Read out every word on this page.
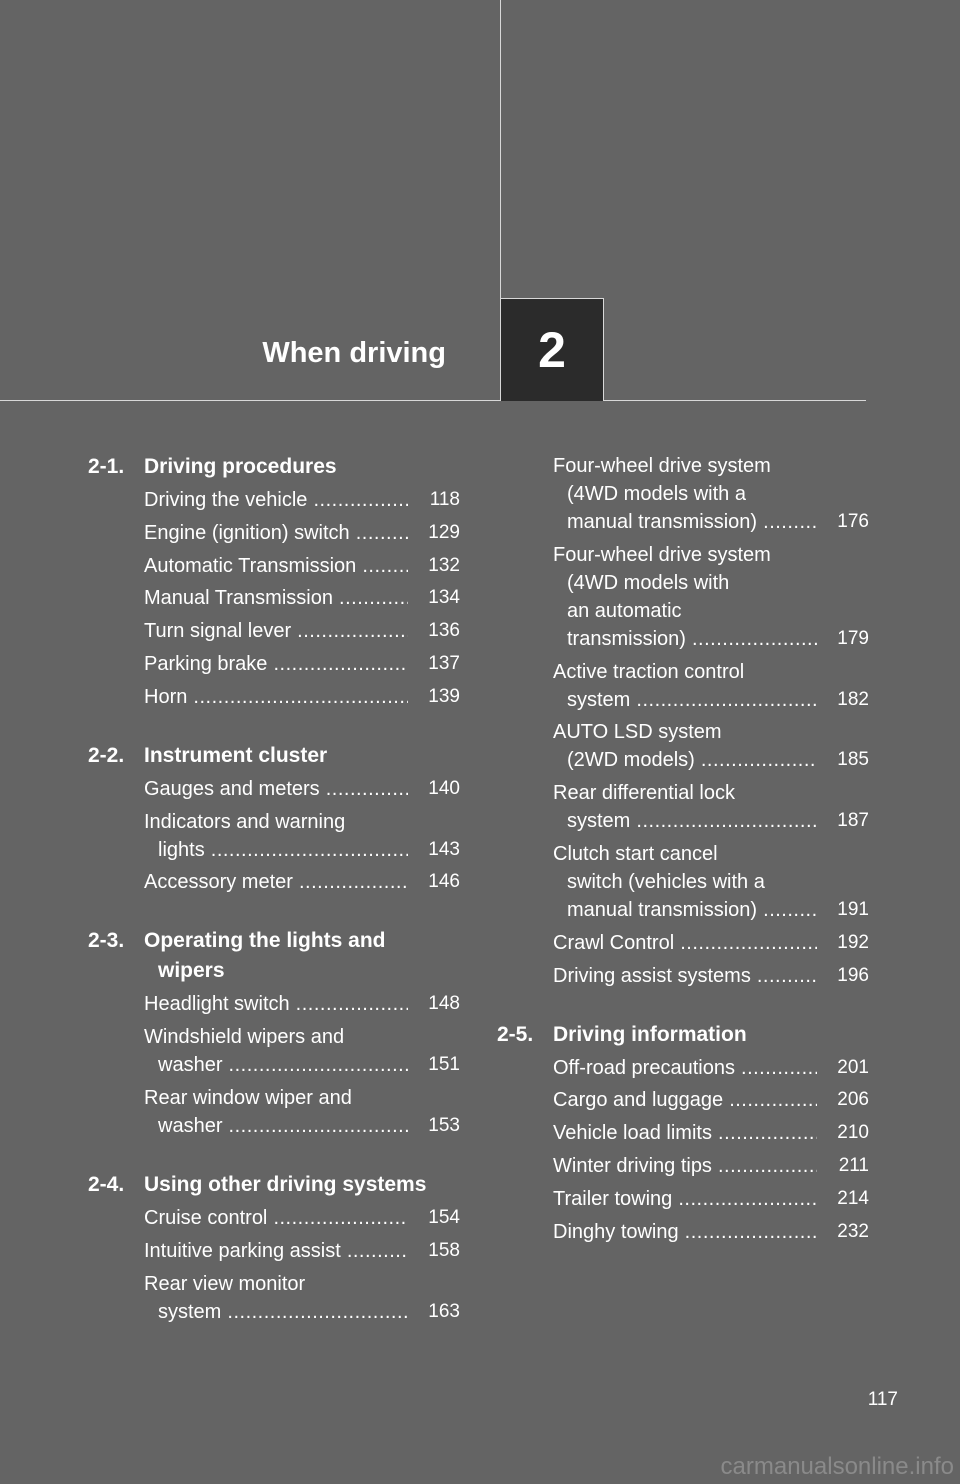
When driving 2
2-1. Driving procedures
Driving the vehicle .....	118
Engine (ignition) switch .....	129
Automatic Transmission .....	132
Manual Transmission .....	134
Turn signal lever .....	136
Parking brake .....	137
Horn .....	139
2-2. Instrument cluster
Gauges and meters .....	140
Indicators and warning
lights .....	143
Accessory meter .....	146
2-3. Operating the lights and
wipers
Headlight switch .....	148
Windshield wipers and
washer .....	151
Rear window wiper and
washer .....	153
2-4. Using other driving systems
Cruise control .....	154
Intuitive parking assist .....	158
Rear view monitor
system .....	163
Four-wheel drive system
(4WD models with a
manual transmission) .....	176
Four-wheel drive system
(4WD models with
an automatic
transmission) .....	179
Active traction control
system .....	182
AUTO LSD system
(2WD models) .....	185
Rear differential lock
system .....	187
Clutch start cancel
switch (vehicles with a
manual transmission) .....	191
Crawl Control .....	192
Driving assist systems .....	196
2-5. Driving information
Off-road precautions .....	201
Cargo and luggage .....	206
Vehicle load limits .....	210
Winter driving tips .....	211
Trailer towing .....	214
Dinghy towing .....	232
117
carmanualsonline.info
